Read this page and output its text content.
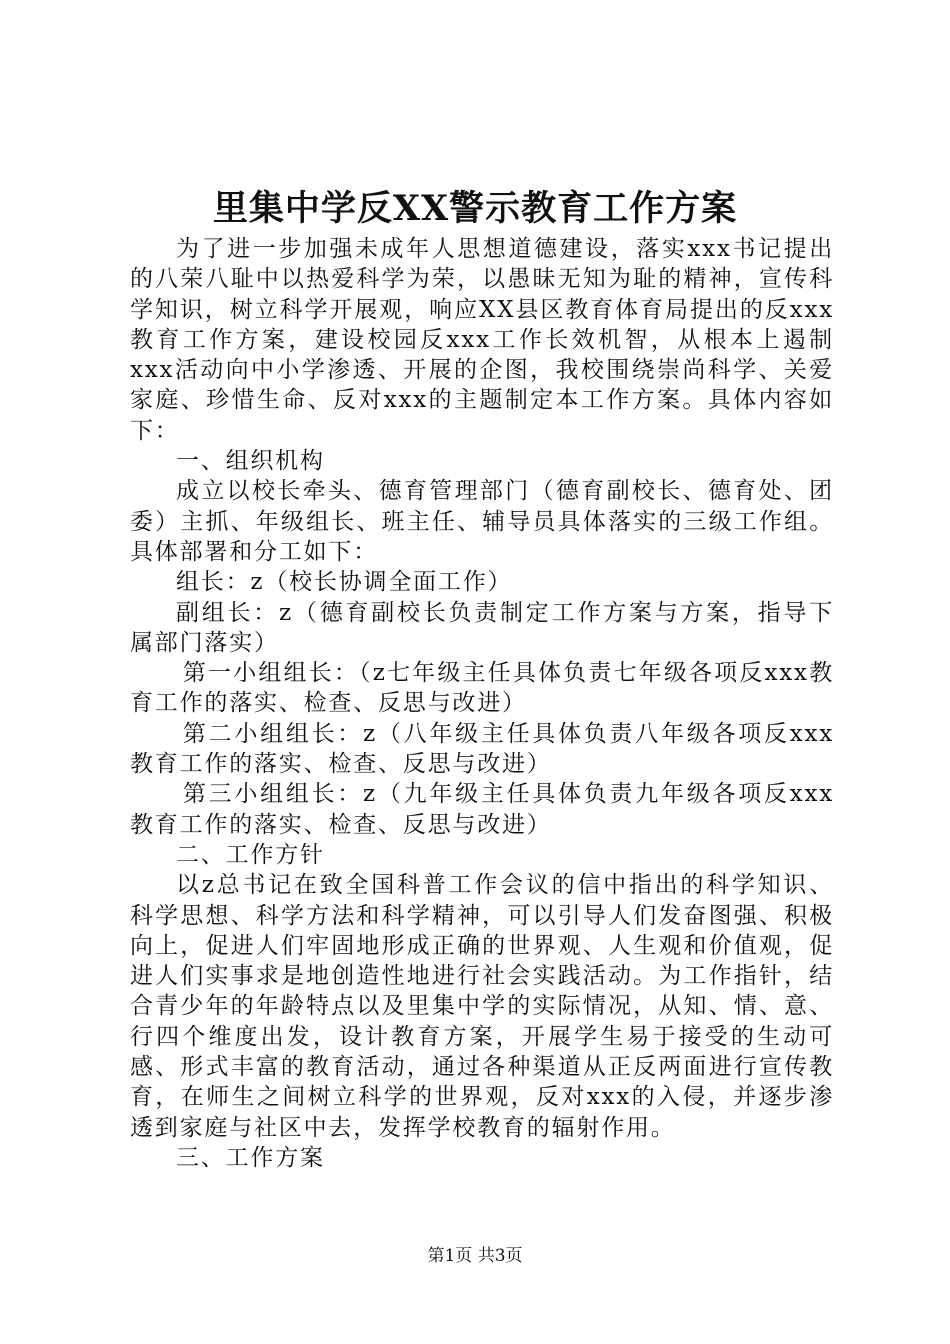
里集中学反XX警示教育工作方案

为了进一步加强未成年人思想道德建设，落实xxx书记提出的八荣八耻中以热爱科学为荣，以愚昧无知为耻的精神，宣传科学知识，树立科学开展观，响应XX县区教育体育局提出的反xxx教育工作方案，建设校园反xxx工作长效机智，从根本上遏制xxx活动向中小学渗透、开展的企图，我校围绕崇尚科学、关爱家庭、珍惜生命、反对xxx的主题制定本工作方案。具体内容如下：

一、组织机构

成立以校长牵头、德育管理部门（德育副校长、德育处、团委）主抓、年级组长、班主任、辅导员具体落实的三级工作组。具体部署和分工如下：

组长：z（校长协调全面工作）

副组长：z（德育副校长负责制定工作方案与方案，指导下属部门落实）

第一小组组长：（z七年级主任具体负责七年级各项反xxx教育工作的落实、检查、反思与改进）

第二小组组长：z（八年级主任具体负责八年级各项反xxx教育工作的落实、检查、反思与改进）

第三小组组长：z（九年级主任具体负责九年级各项反xxx教育工作的落实、检查、反思与改进）

二、工作方针

以z总书记在致全国科普工作会议的信中指出的科学知识、科学思想、科学方法和科学精神，可以引导人们发奋图强、积极向上，促进人们牢固地形成正确的世界观、人生观和价值观，促进人们实事求是地创造性地进行社会实践活动。为工作指针，结合青少年的年龄特点以及里集中学的实际情况，从知、情、意、行四个维度出发，设计教育方案，开展学生易于接受的生动可感、形式丰富的教育活动，通过各种渠道从正反两面进行宣传教育，在师生之间树立科学的世界观，反对xxx的入侵，并逐步渗透到家庭与社区中去，发挥学校教育的辐射作用。

三、工作方案

第1页 共3页
